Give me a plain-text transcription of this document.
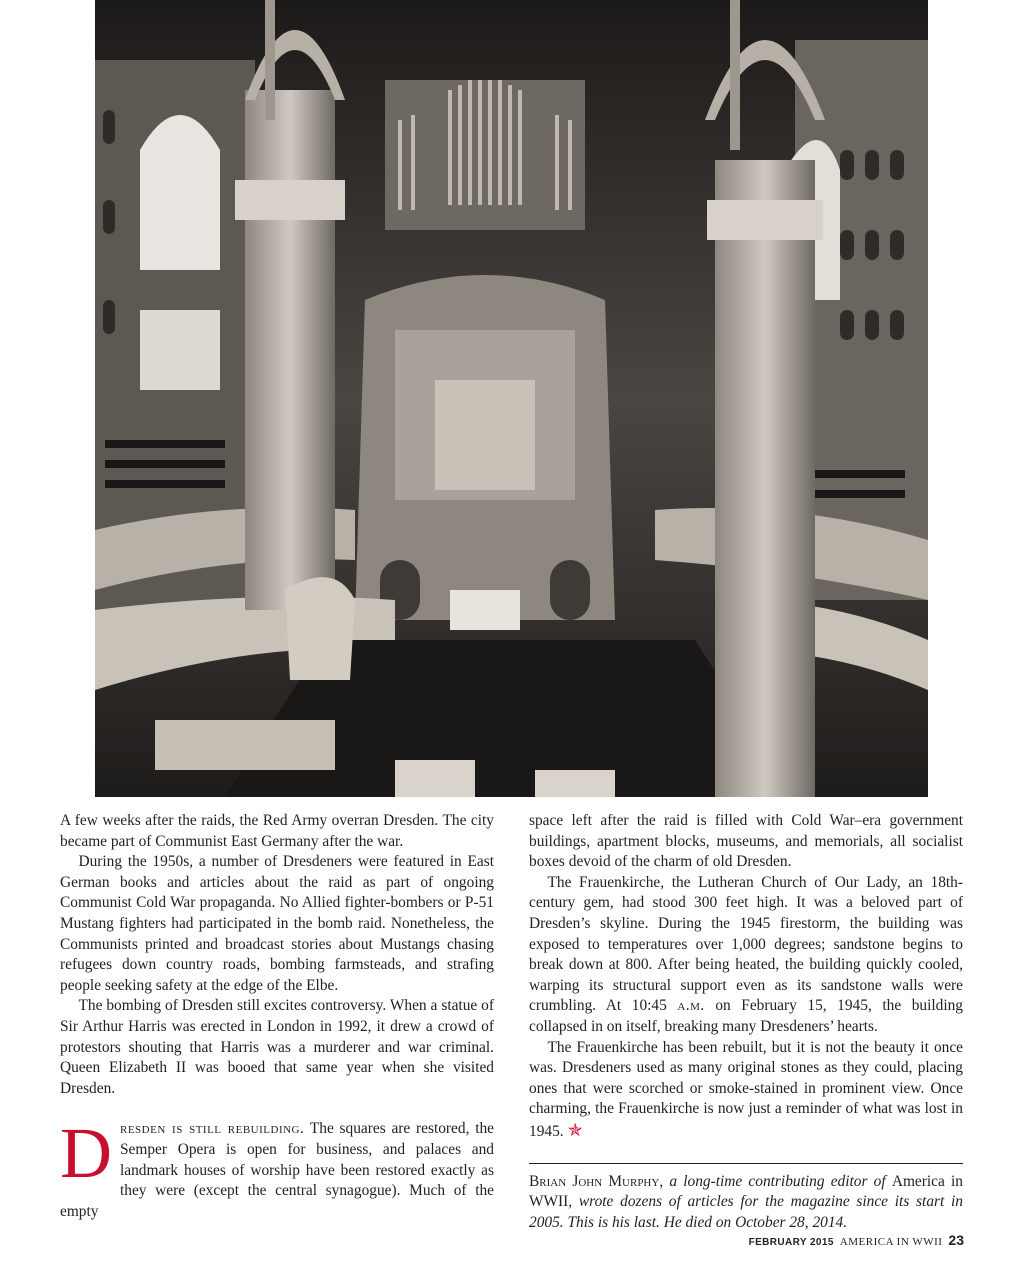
A few weeks after the raids, the Red Army overran Dresden. The city became part of Communist East Germany after the war.

During the 1950s, a number of Dresdeners were featured in East German books and articles about the raid as part of ongoing Communist Cold War propaganda. No Allied fighter-bombers or P-51 Mustang fighters had participated in the bomb raid. Nonetheless, the Communists printed and broadcast stories about Mustangs chasing refugees down country roads, bombing farmsteads, and strafing people seeking safety at the edge of the Elbe.

The bombing of Dresden still excites controversy. When a statue of Sir Arthur Harris was erected in London in 1992, it drew a crowd of protestors shouting that Harris was a murderer and war criminal. Queen Elizabeth II was booed that same year when she visited Dresden.

Dresden is still rebuilding. The squares are restored, the Semper Opera is open for business, and palaces and landmark houses of worship have been restored exactly as they were (except the central synagogue). Much of the empty

space left after the raid is filled with Cold War–era government buildings, apartment blocks, museums, and memorials, all socialist boxes devoid of the charm of old Dresden.

The Frauenkirche, the Lutheran Church of Our Lady, an 18th-century gem, had stood 300 feet high. It was a beloved part of Dresden’s skyline. During the 1945 firestorm, the building was exposed to temperatures over 1,000 degrees; sandstone begins to break down at 800. After being heated, the building quickly cooled, warping its structural support even as its sandstone walls were crumbling. At 10:45 a.m. on February 15, 1945, the building collapsed in on itself, breaking many Dresdeners’ hearts.

The Frauenkirche has been rebuilt, but it is not the beauty it once was. Dresdeners used as many original stones as they could, placing ones that were scorched or smoke-stained in prominent view. Once charming, the Frauenkirche is now just a reminder of what was lost in 1945. ✯

Brian John Murphy, a long-time contributing editor of America in WWII, wrote dozens of articles for the magazine since its start in 2005. This is his last. He died on October 28, 2014.

FEBRUARY 2015 AMERICA IN WWII 23
